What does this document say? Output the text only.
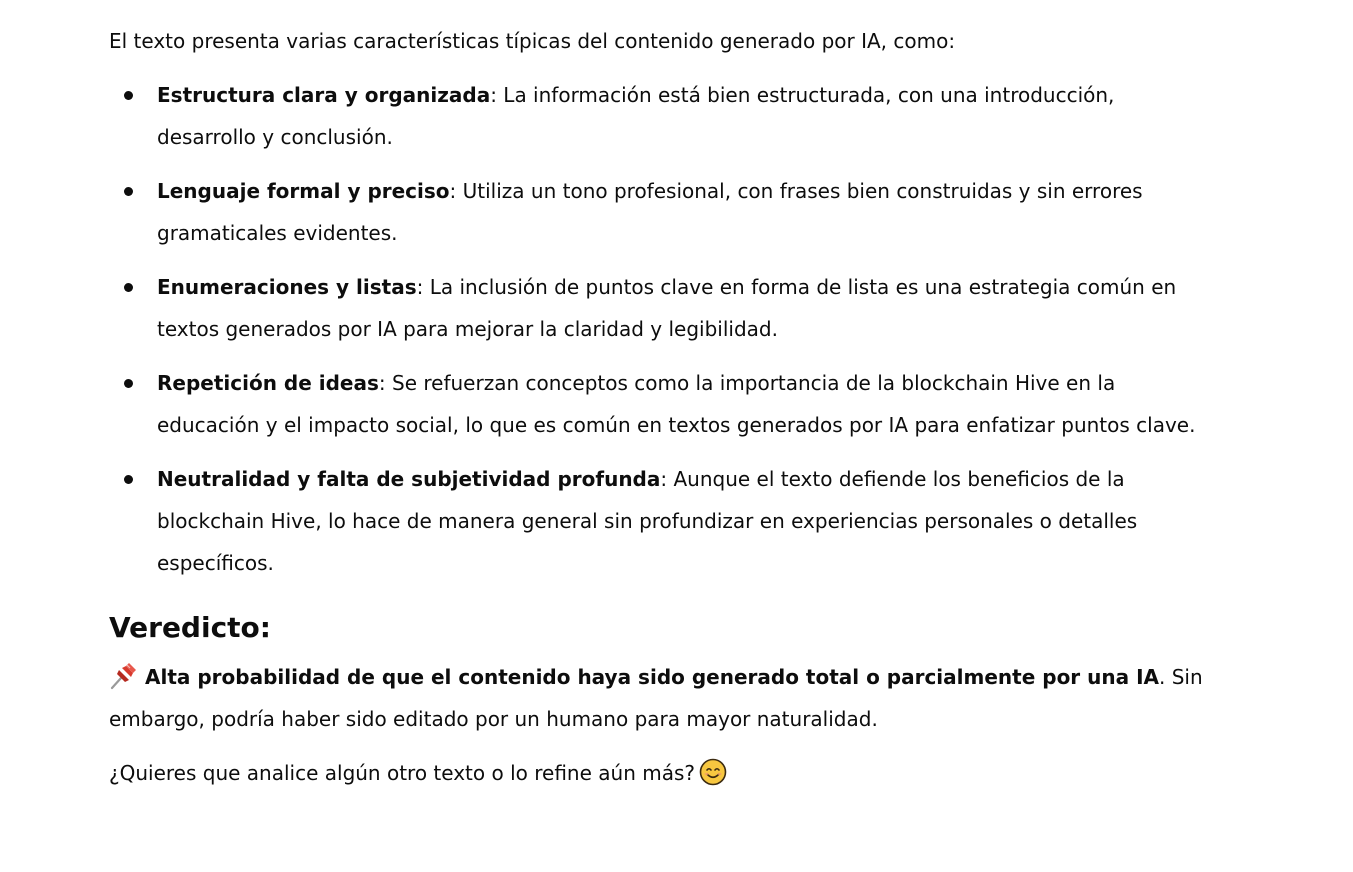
El texto presenta varias características típicas del contenido generado por IA, como:

Estructura clara y organizada: La información está bien estructurada, con una introducción, desarrollo y conclusión.
Lenguaje formal y preciso: Utiliza un tono profesional, con frases bien construidas y sin errores gramaticales evidentes.
Enumeraciones y listas: La inclusión de puntos clave en forma de lista es una estrategia común en textos generados por IA para mejorar la claridad y legibilidad.
Repetición de ideas: Se refuerzan conceptos como la importancia de la blockchain Hive en la educación y el impacto social, lo que es común en textos generados por IA para enfatizar puntos clave.
Neutralidad y falta de subjetividad profunda: Aunque el texto defiende los beneficios de la blockchain Hive, lo hace de manera general sin profundizar en experiencias personales o detalles específicos.
Veredicto:

Alta probabilidad de que el contenido haya sido generado total o parcialmente por una IA. Sin embargo, podría haber sido editado por un humano para mayor naturalidad.

¿Quieres que analice algún otro texto o lo refine aún más?
